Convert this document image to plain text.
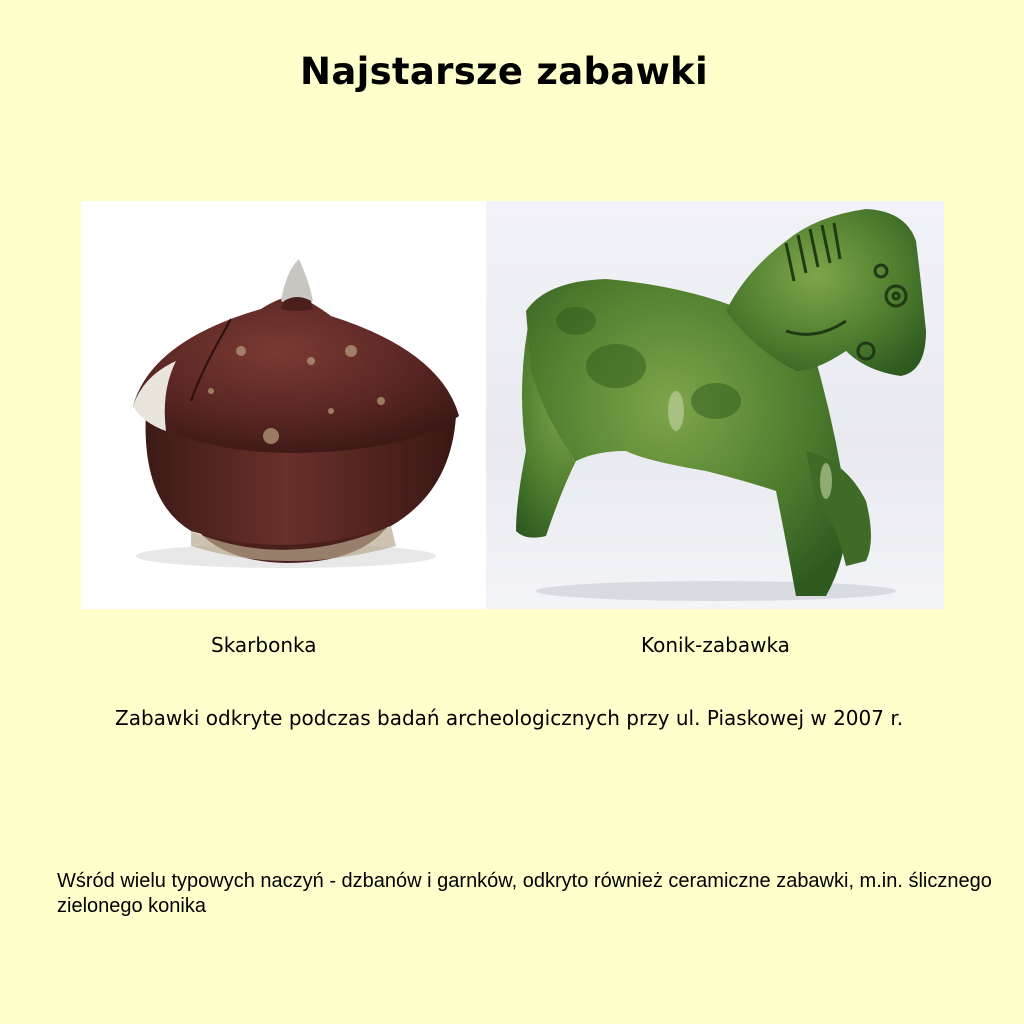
Najstarsze zabawki
Skarbonka	Konik-zabawka
Zabawki odkryte podczas badań archeologicznych przy ul. Piaskowej w 2007 r.
Wśród wielu typowych naczyń - dzbanów i garnków, odkryto również ceramiczne zabawki, m.in. ślicznego zielonego konika
